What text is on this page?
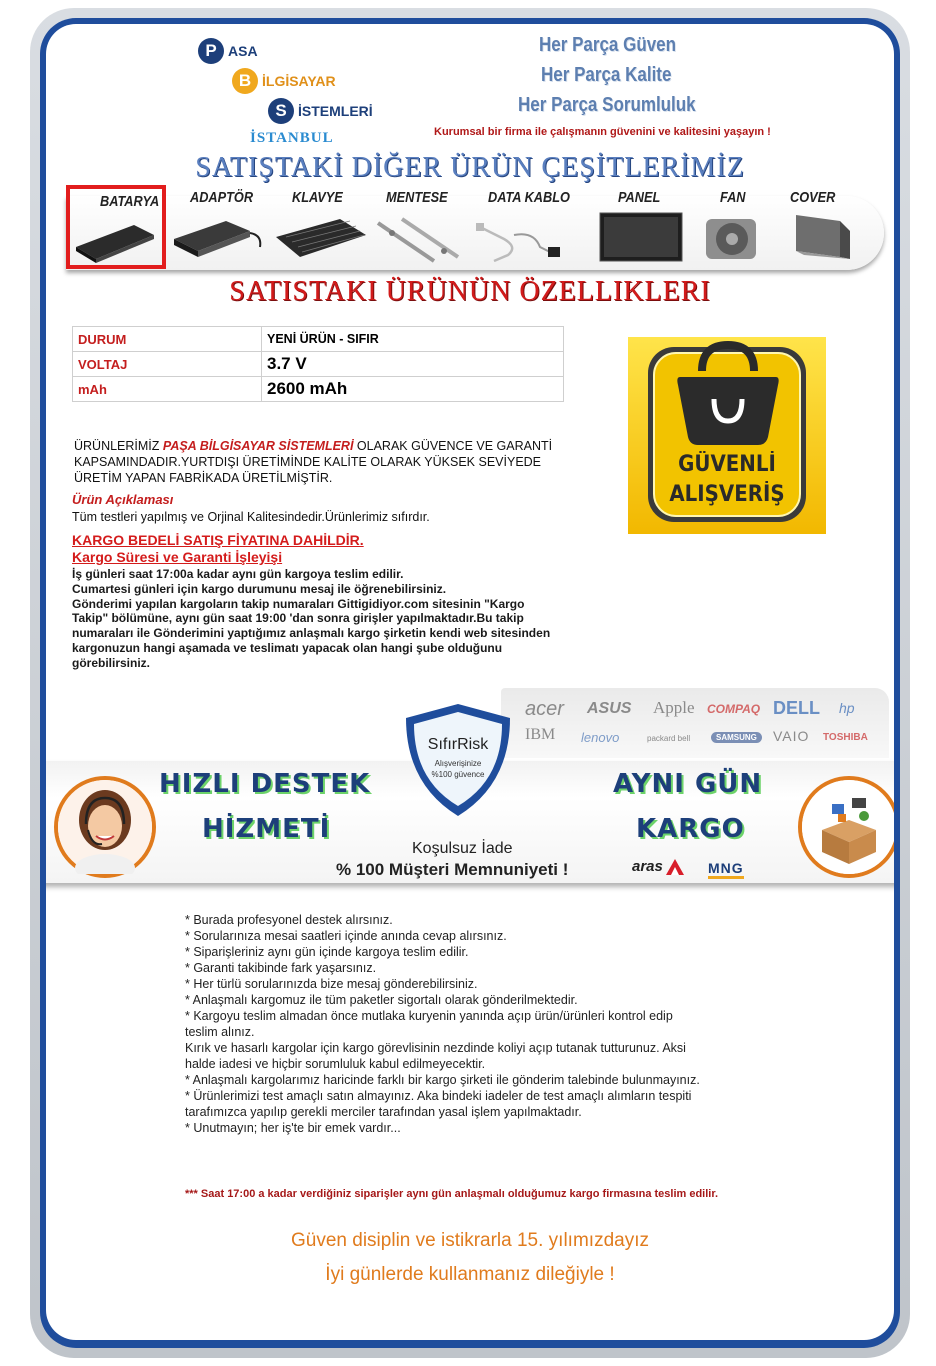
P ASA
B İLGİSAYAR
S İSTEMLERİ
İSTANBUL
Her Parça Güven
Her Parça Kalite
Her Parça Sorumluluk
Kurumsal bir firma ile çalışmanın güvenini ve kalitesini yaşayın !
SATIŞTAKİ DİĞER ÜRÜN ÇEŞİTLERİMİZ
BATARYA ADAPTÖR	KLAVYE	MENTESE	DATA KABLO	PANEL	FAN	COVER
SATISTAKI ÜRÜNÜN ÖZELLIKLERI
DURUM	YENİ ÜRÜN - SIFIR
VOLTAJ	3.7 V
mAh	2600 mAh
ÜRÜNLERİMİZ PAŞA BİLGİSAYAR SİSTEMLERİ OLARAK GÜVENCE VE GARANTİ KAPSAMINDADIR.YURTDIŞI ÜRETİMİNDE KALİTE OLARAK YÜKSEK SEVİYEDE ÜRETİM YAPAN FABRİKADA ÜRETİLMİŞTİR.
Ürün Açıklaması
Tüm testleri yapılmış ve Orjinal Kalitesindedir.Ürünlerimiz sıfırdır.
KARGO BEDELİ SATIŞ FİYATINA DAHİLDİR.
Kargo Süresi ve Garanti İşleyişi
İş günleri saat 17:00a kadar aynı gün kargoya teslim edilir.
Cumartesi günleri için kargo durumunu mesaj ile öğrenebilirsiniz.
Gönderimi yapılan kargoların takip numaraları Gittigidiyor.com sitesinin "Kargo Takip" bölümüne, aynı gün saat 19:00 'dan sonra girişler yapılmaktadır.Bu takip numaraları ile Gönderimini yaptığımız anlaşmalı kargo şirketin kendi web sitesinden kargonuzun hangi aşamada ve teslimatı yapacak olan hangi şube olduğunu görebilirsiniz.
GÜVENLİ
ALIŞVERİŞ
acer ASUS Apple COMPAQ DELL hp
IBM lenovo	packard bell	SAMSUNG	VAIO TOSHIBA
HIZLI DESTEK
HİZMETİ
SıfırRisk
Alışverişinize
%100 güvence
Koşulsuz İade
% 100 Müşteri Memnuniyeti !
AYNI GÜN
KARGO
aras	MNG
* Burada profesyonel destek alırsınız.
* Sorularınıza mesai saatleri içinde anında cevap alırsınız.
* Siparişleriniz aynı gün içinde kargoya teslim edilir.
* Garanti takibinde fark yaşarsınız.
* Her türlü sorularınızda bize mesaj gönderebilirsiniz.
* Anlaşmalı kargomuz ile tüm paketler sigortalı olarak gönderilmektedir.
* Kargoyu teslim almadan önce mutlaka kuryenin yanında açıp ürün/ürünleri kontrol edip teslim alınız.
Kırık ve hasarlı kargolar için kargo görevlisinin nezdinde koliyi açıp tutanak tutturunuz. Aksi halde iadesi ve hiçbir sorumluluk kabul edilmeyecektir.
* Anlaşmalı kargolarımız haricinde farklı bir kargo şirketi ile gönderim talebinde bulunmayınız.
* Ürünlerimizi test amaçlı satın almayınız. Aka bindeki iadeler de test amaçlı alımların tespiti tarafımızca yapılıp gerekli merciler tarafından yasal işlem yapılmaktadır.
* Unutmayın; her iş'te bir emek vardır...
*** Saat 17:00 a kadar verdiğiniz siparişler aynı gün anlaşmalı olduğumuz kargo firmasına teslim edilir.
Güven disiplin ve istikrarla 15. yılımızdayız
İyi günlerde kullanmanız dileğiyle !
